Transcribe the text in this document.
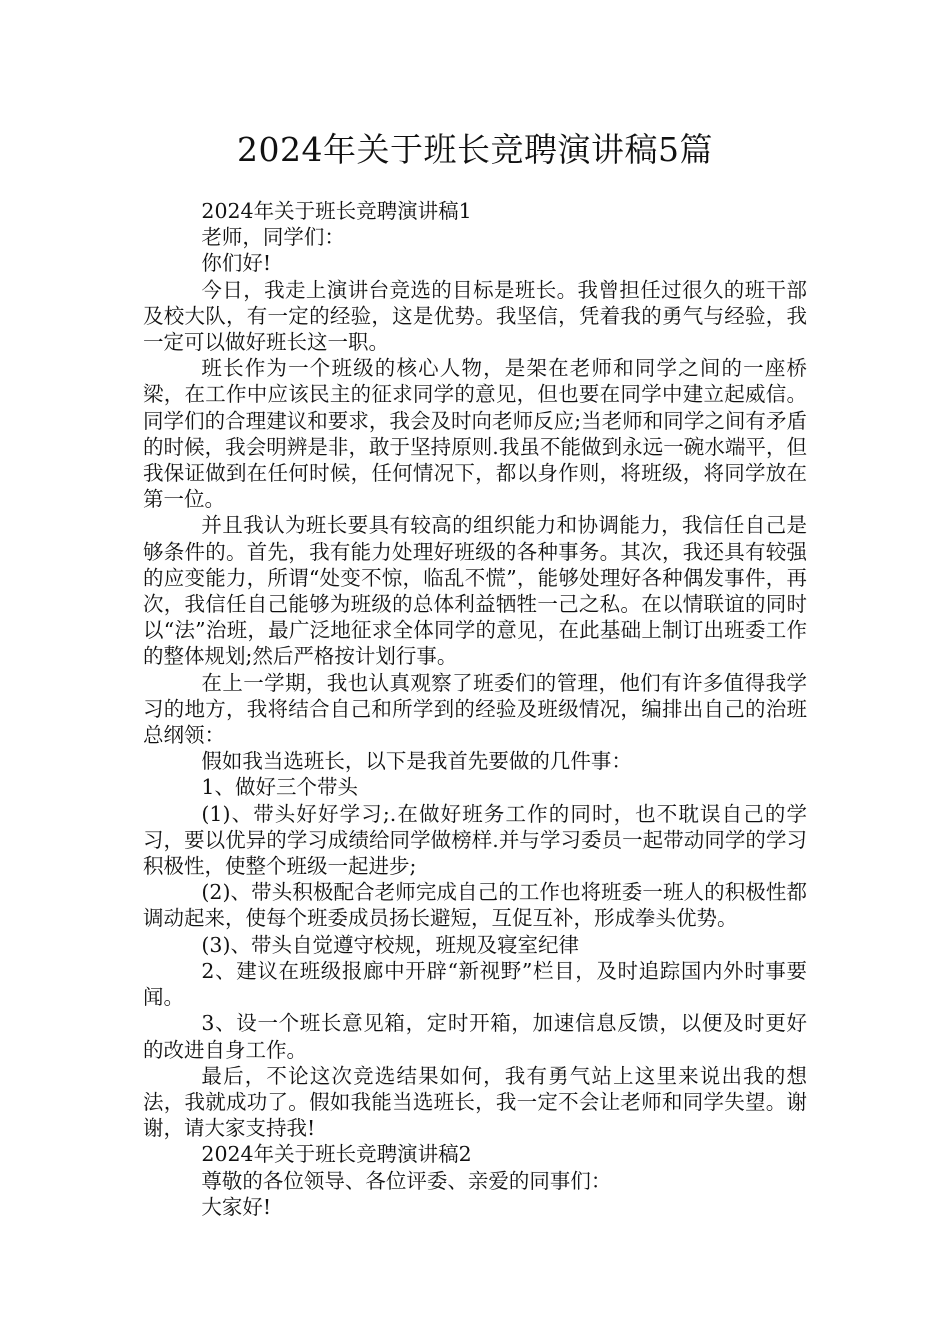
2024年关于班长竞聘演讲稿5篇

2024年关于班长竞聘演讲稿1

老师，同学们：

你们好!

今日，我走上演讲台竞选的目标是班长。我曾担任过很久的班干部及校大队，有一定的经验，这是优势。我坚信，凭着我的勇气与经验，我一定可以做好班长这一职。

班长作为一个班级的核心人物，是架在老师和同学之间的一座桥梁，在工作中应该民主的征求同学的意见，但也要在同学中建立起威信。同学们的合理建议和要求，我会及时向老师反应;当老师和同学之间有矛盾的时候，我会明辨是非，敢于坚持原则.我虽不能做到永远一碗水端平，但我保证做到在任何时候，任何情况下，都以身作则，将班级，将同学放在第一位。

并且我认为班长要具有较高的组织能力和协调能力，我信任自己是够条件的。首先，我有能力处理好班级的各种事务。其次，我还具有较强的应变能力，所谓“处变不惊，临乱不慌”，能够处理好各种偶发事件，再次，我信任自己能够为班级的总体利益牺牲一己之私。在以情联谊的同时以“法”治班，最广泛地征求全体同学的意见，在此基础上制订出班委工作的整体规划;然后严格按计划行事。

在上一学期，我也认真观察了班委们的管理，他们有许多值得我学习的地方，我将结合自己和所学到的经验及班级情况，编排出自己的治班总纲领：

假如我当选班长，以下是我首先要做的几件事：

1、做好三个带头

(1)、带头好好学习;.在做好班务工作的同时，也不耽误自己的学习，要以优异的学习成绩给同学做榜样.并与学习委员一起带动同学的学习积极性，使整个班级一起进步;

(2)、带头积极配合老师完成自己的工作也将班委一班人的积极性都调动起来，使每个班委成员扬长避短，互促互补，形成拳头优势。

(3)、带头自觉遵守校规，班规及寝室纪律

2、建议在班级报廊中开辟“新视野”栏目，及时追踪国内外时事要闻。

3、设一个班长意见箱，定时开箱，加速信息反馈，以便及时更好的改进自身工作。

最后，不论这次竞选结果如何，我有勇气站上这里来说出我的想法，我就成功了。假如我能当选班长，我一定不会让老师和同学失望。谢谢，请大家支持我!

2024年关于班长竞聘演讲稿2

尊敬的各位领导、各位评委、亲爱的同事们：

大家好!
